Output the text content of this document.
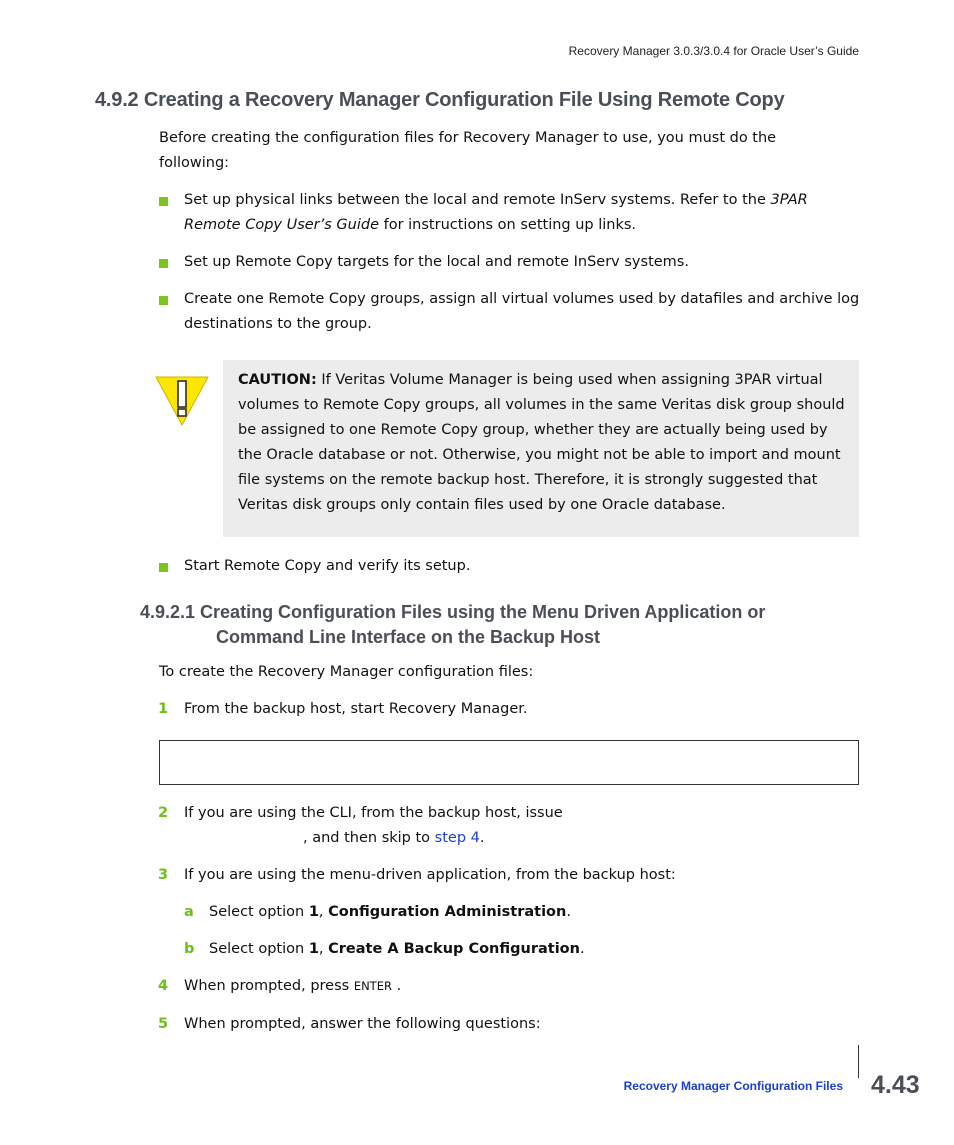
Recovery Manager 3.0.3/3.0.4 for Oracle User’s Guide
4.9.2 Creating a Recovery Manager Configuration File Using Remote Copy

Before creating the configuration files for Recovery Manager to use, you must do the following:

Set up physical links between the local and remote InServ systems. Refer to the 3PAR Remote Copy User’s Guide for instructions on setting up links.

Set up Remote Copy targets for the local and remote InServ systems.

Create one Remote Copy groups, assign all virtual volumes used by datafiles and archive log destinations to the group.

CAUTION: If Veritas Volume Manager is being used when assigning 3PAR virtual volumes to Remote Copy groups, all volumes in the same Veritas disk group should be assigned to one Remote Copy group, whether they are actually being used by the Oracle database or not. Otherwise, you might not be able to import and mount file systems on the remote backup host. Therefore, it is strongly suggested that Veritas disk groups only contain files used by one Oracle database.

Start Remote Copy and verify its setup.

4.9.2.1 Creating Configuration Files using the Menu Driven Application or
Command Line Interface on the Backup Host

To create the Recovery Manager configuration files:

1 From the backup host, start Recovery Manager.

2 If you are using the CLI, from the backup host, issue

, and then skip to step 4.

3 If you are using the menu-driven application, from the backup host:

a Select option 1, Configuration Administration.

b Select option 1, Create A Backup Configuration.

4 When prompted, press ENTER .

5 When prompted, answer the following questions:

Recovery Manager Configuration Files 4.43
